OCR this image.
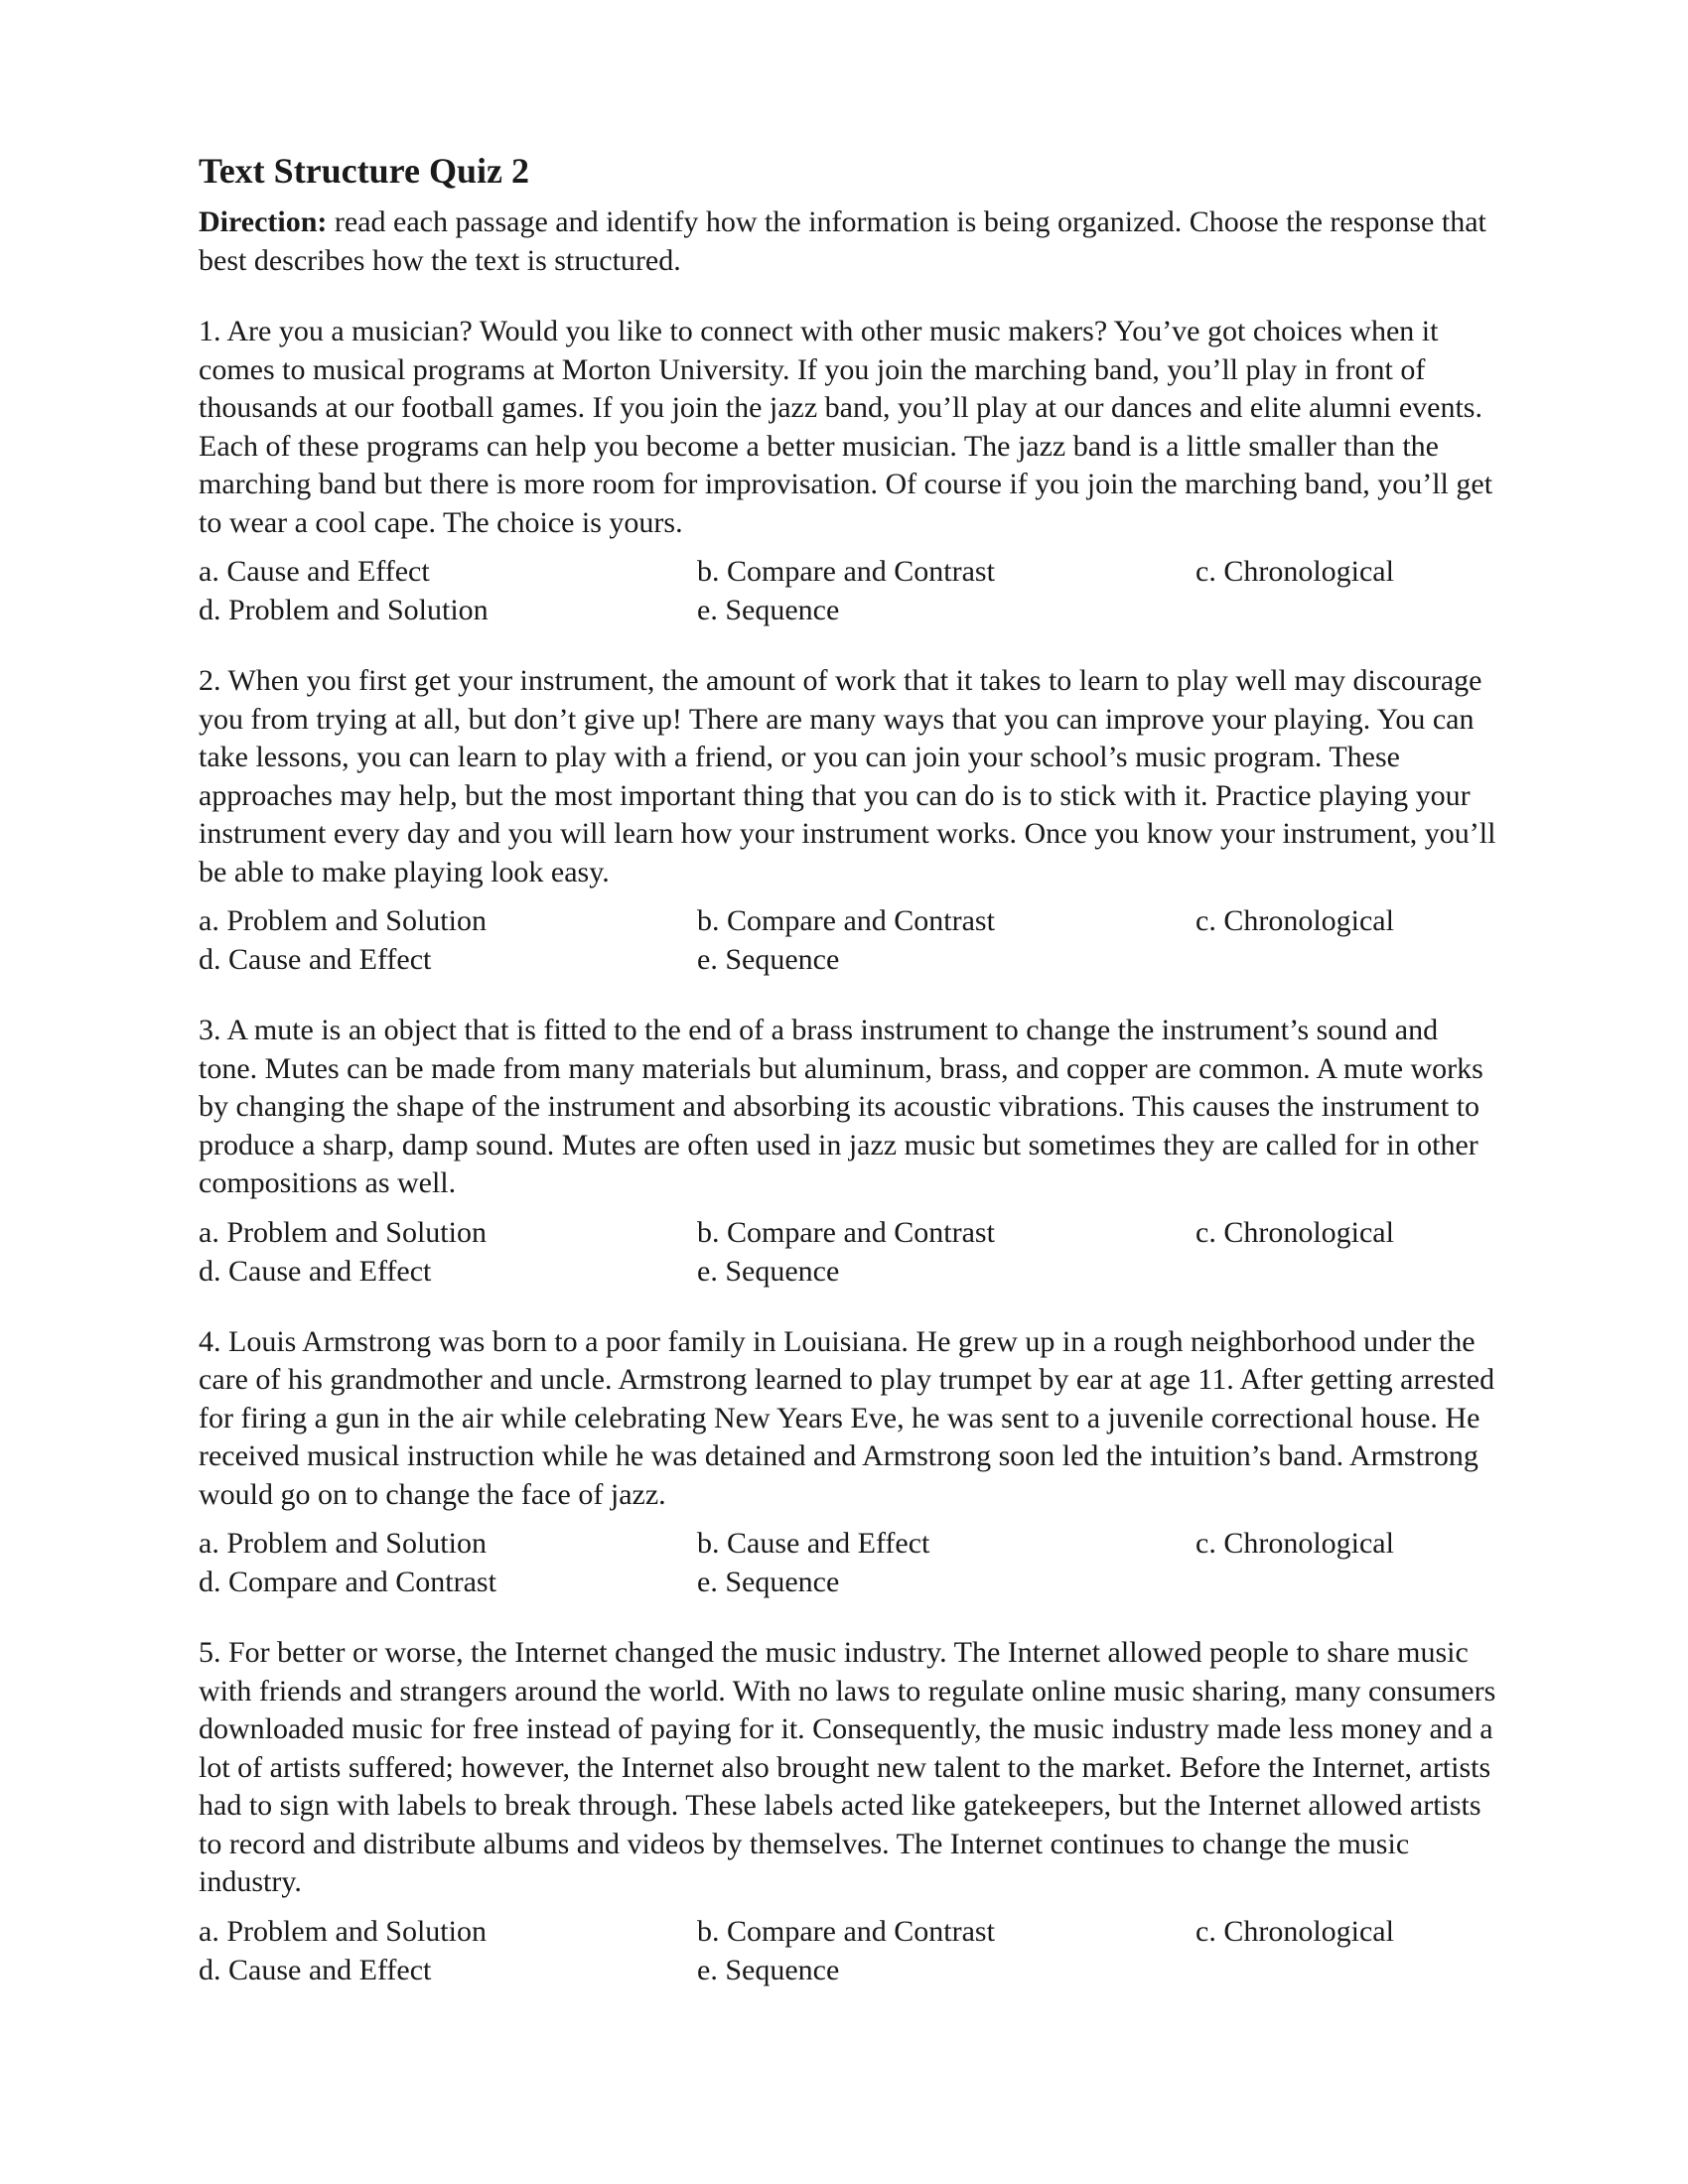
Text Structure Quiz 2

Direction: read each passage and identify how the information is being organized. Choose the response that best describes how the text is structured.

1. Are you a musician? Would you like to connect with other music makers? You’ve got choices when it comes to musical programs at Morton University. If you join the marching band, you’ll play in front of thousands at our football games. If you join the jazz band, you’ll play at our dances and elite alumni events. Each of these programs can help you become a better musician. The jazz band is a little smaller than the marching band but there is more room for improvisation. Of course if you join the marching band, you’ll get to wear a cool cape. The choice is yours.

a. Cause and Effect	b. Compare and Contrast	c. Chronological
d. Problem and Solution	e. Sequence

2. When you first get your instrument, the amount of work that it takes to learn to play well may discourage you from trying at all, but don’t give up! There are many ways that you can improve your playing. You can take lessons, you can learn to play with a friend, or you can join your school’s music program. These approaches may help, but the most important thing that you can do is to stick with it. Practice playing your instrument every day and you will learn how your instrument works. Once you know your instrument, you’ll be able to make playing look easy.

a. Problem and Solution	b. Compare and Contrast	c. Chronological
d. Cause and Effect	e. Sequence

3. A mute is an object that is fitted to the end of a brass instrument to change the instrument’s sound and tone. Mutes can be made from many materials but aluminum, brass, and copper are common. A mute works by changing the shape of the instrument and absorbing its acoustic vibrations. This causes the instrument to produce a sharp, damp sound. Mutes are often used in jazz music but sometimes they are called for in other compositions as well.

a. Problem and Solution	b. Compare and Contrast	c. Chronological
d. Cause and Effect	e. Sequence

4. Louis Armstrong was born to a poor family in Louisiana. He grew up in a rough neighborhood under the care of his grandmother and uncle. Armstrong learned to play trumpet by ear at age 11. After getting arrested for firing a gun in the air while celebrating New Years Eve, he was sent to a juvenile correctional house. He received musical instruction while he was detained and Armstrong soon led the intuition’s band. Armstrong would go on to change the face of jazz.

a. Problem and Solution	b. Cause and Effect	c. Chronological
d. Compare and Contrast	e. Sequence

5. For better or worse, the Internet changed the music industry. The Internet allowed people to share music with friends and strangers around the world. With no laws to regulate online music sharing, many consumers downloaded music for free instead of paying for it. Consequently, the music industry made less money and a lot of artists suffered; however, the Internet also brought new talent to the market. Before the Internet, artists had to sign with labels to break through. These labels acted like gatekeepers, but the Internet allowed artists to record and distribute albums and videos by themselves. The Internet continues to change the music industry.

a. Problem and Solution	b. Compare and Contrast	c. Chronological
d. Cause and Effect	e. Sequence
